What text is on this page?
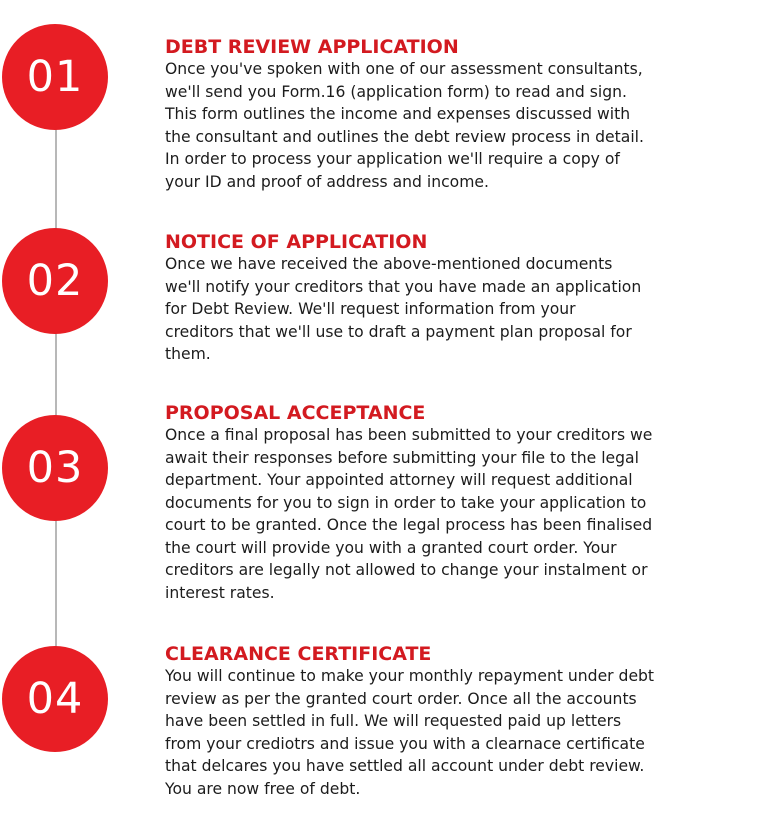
01
DEBT REVIEW APPLICATION

Once you've spoken with one of our assessment consultants,
we'll send you Form.16 (application form) to read and sign.
This form outlines the income and expenses discussed with
the consultant and outlines the debt review process in detail.
In order to process your application we'll require a copy of
your ID and proof of address and income.

02
NOTICE OF APPLICATION

Once we have received the above-mentioned documents
we'll notify your creditors that you have made an application
for Debt Review. We'll request information from your
creditors that we'll use to draft a payment plan proposal for
them.

03
PROPOSAL ACCEPTANCE

Once a final proposal has been submitted to your creditors we
await their responses before submitting your file to the legal
department. Your appointed attorney will request additional
documents for you to sign in order to take your application to
court to be granted. Once the legal process has been finalised
the court will provide you with a granted court order. Your
creditors are legally not allowed to change your instalment or
interest rates.

04
CLEARANCE CERTIFICATE

You will continue to make your monthly repayment under debt
review as per the granted court order. Once all the accounts
have been settled in full. We will requested paid up letters
from your crediotrs and issue you with a clearnace certificate
that delcares you have settled all account under debt review.
You are now free of debt.
